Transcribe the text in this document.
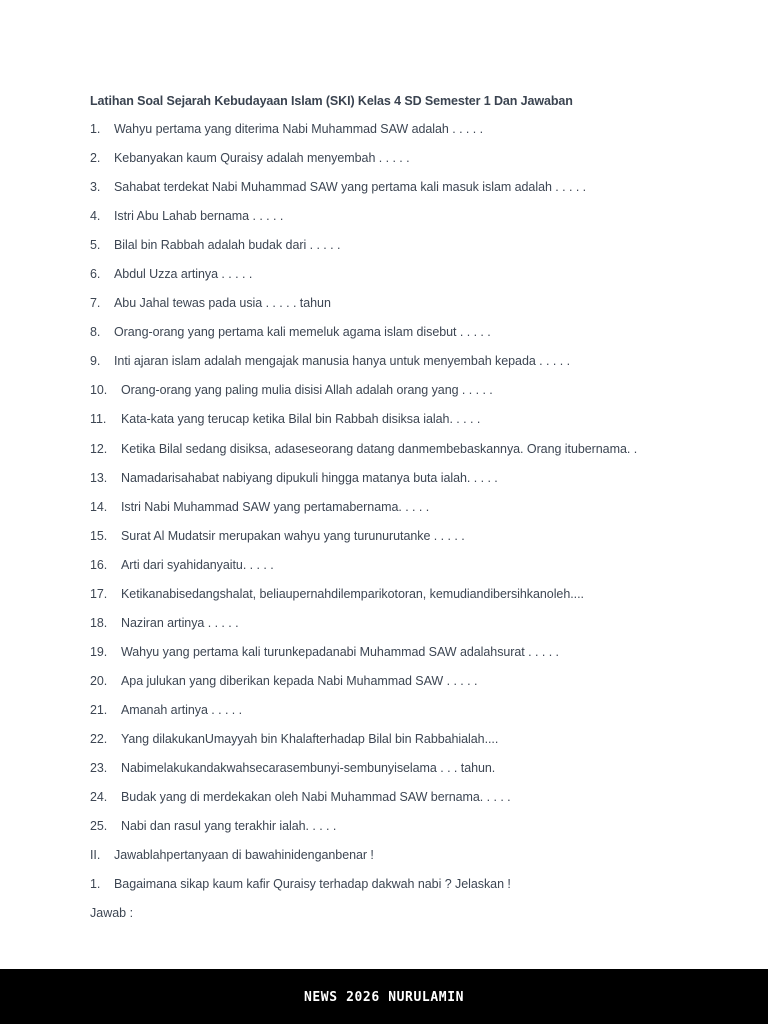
Latihan Soal Sejarah Kebudayaan Islam (SKI) Kelas 4 SD Semester 1 Dan Jawaban
1.	Wahyu pertama yang diterima Nabi Muhammad SAW adalah . . . . .
2.	Kebanyakan kaum Quraisy adalah menyembah . . . . .
3.	Sahabat terdekat Nabi Muhammad SAW yang pertama kali masuk islam adalah . . . . .
4.	Istri Abu Lahab bernama . . . . .
5.	Bilal bin Rabbah adalah budak dari . . . . .
6.	Abdul Uzza artinya . . . . .
7.	Abu Jahal tewas pada usia . . . . . tahun
8.	Orang-orang yang pertama kali memeluk agama islam disebut . . . . .
9.	Inti ajaran islam adalah mengajak manusia hanya untuk menyembah kepada . . . . .
10.	Orang-orang yang paling mulia disisi Allah adalah orang yang . . . . .
11.	Kata-kata yang terucap ketika Bilal bin Rabbah disiksa ialah. . . . .
12.	Ketika Bilal sedang disiksa, adaseseorang datang danmembebaskannya. Orang itubernama. .
13.	Namadarisahabat nabiyang dipukuli hingga matanya buta ialah. . . . .
14.	Istri Nabi Muhammad SAW yang pertamabernama. . . . .
15.	Surat Al Mudatsir merupakan wahyu yang turunurutanke . . . . .
16.	Arti dari syahidanyaitu. . . . .
17.	Ketikanabisedangshalat, beliaupernahdilemparikotoran, kemudiandibersihkanoleh....
18.	Naziran artinya . . . . .
19.	Wahyu yang pertama kali turunkepadanabi Muhammad SAW adalahsurat . . . . .
20.	Apa julukan yang diberikan kepada Nabi Muhammad SAW . . . . .
21.	Amanah artinya . . . . .
22.	Yang dilakukanUmayyah bin Khalafterhadap Bilal bin Rabbahialah....
23.	Nabimelakukandakwahsecarasembunyi-sembunyiselama . . . tahun.
24.	Budak yang di merdekakan oleh Nabi Muhammad SAW bernama. . . . .
25.	Nabi dan rasul yang terakhir ialah. . . . .
II.	Jawablahpertanyaan di bawahinidenganbenar !
1.	Bagaimana sikap kaum kafir Quraisy terhadap dakwah nabi ? Jelaskan !
Jawab :
NEWS 2026 NURULAMIN
